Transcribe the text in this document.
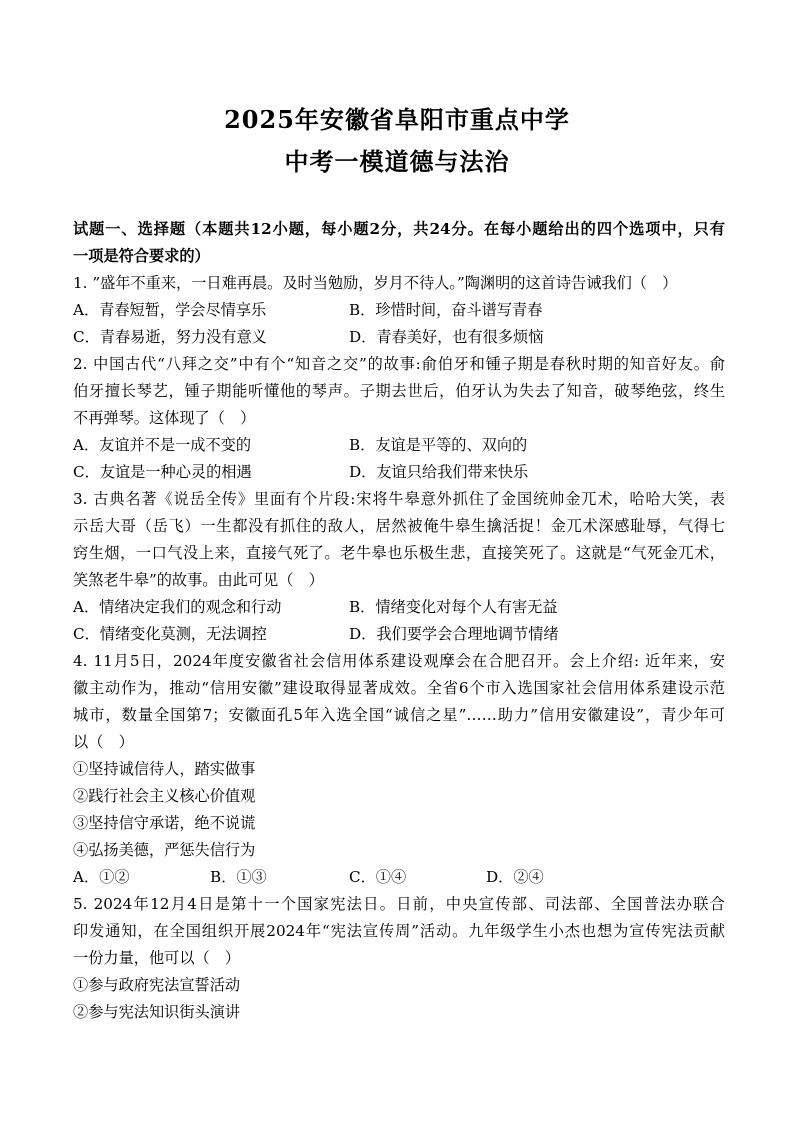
2025年安徽省阜阳市重点中学
中考一模道德与法治
试题一、选择题（本题共12小题，每小题2分，共24分。在每小题给出的四个选项中，只有
一项是符合要求的）
1. ”盛年不重来，一日难再晨。及时当勉励，岁月不待人。”陶渊明的这首诗告诫我们（　）
A．青春短暂，学会尽情享乐	B．珍惜时间，奋斗谱写青春
C．青春易逝，努力没有意义	D．青春美好，也有很多烦恼
2. 中国古代“八拜之交”中有个“知音之交”的故事:俞伯牙和锺子期是春秋时期的知音好友。俞
伯牙擅长琴艺，锺子期能听懂他的琴声。子期去世后，伯牙认为失去了知音，破琴绝弦，终生
不再弹琴。这体现了（　）
A．友谊并不是一成不变的	B．友谊是平等的、双向的
C．友谊是一种心灵的相遇	D．友谊只给我们带来快乐
3. 古典名著《说岳全传》里面有个片段:宋将牛皋意外抓住了金国统帅金兀术，哈哈大笑，表
示岳大哥（岳飞）一生都没有抓住的敌人，居然被俺牛皋生擒活捉！金兀术深感耻辱，气得七
窍生烟，一口气没上来，直接气死了。老牛皋也乐极生悲，直接笑死了。这就是“气死金兀术，
笑煞老牛皋”的故事。由此可见（　）
A．情绪决定我们的观念和行动	B．情绪变化对每个人有害无益
C．情绪变化莫测，无法调控	D．我们要学会合理地调节情绪
4. 11月5日，2024年度安徽省社会信用体系建设观摩会在合肥召开。会上介绍: 近年来，安
徽主动作为，推动“信用安徽”建设取得显著成效。全省6个市入选国家社会信用体系建设示范
城市，数量全国第7；安徽面孔5年入选全国“诚信之星”……助力”信用安徽建设”，青少年可
以（　）
①坚持诚信待人，踏实做事
②践行社会主义核心价值观
③坚持信守承诺，绝不说谎
④弘扬美德，严惩失信行为
A．①②	B．①③	C．①④	D．②④
5. 2024年12月4日是第十一个国家宪法日。日前，中央宣传部、司法部、全国普法办联合
印发通知，在全国组织开展2024年“宪法宣传周”活动。九年级学生小杰也想为宣传宪法贡献
一份力量，他可以（　）
①参与政府宪法宣誓活动
②参与宪法知识街头演讲
